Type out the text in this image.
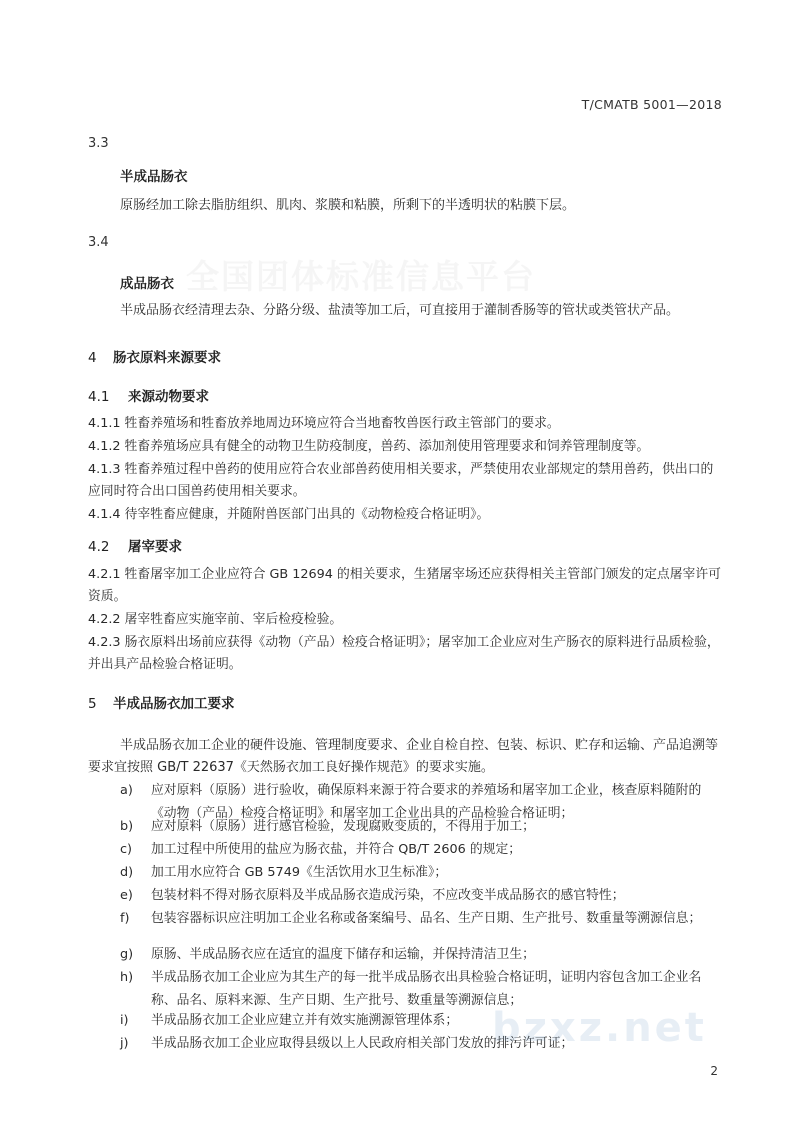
T/CMATB 5001—2018
全国团体标准信息平台
3.3
半成品肠衣
原肠经加工除去脂肪组织、肌肉、浆膜和粘膜，所剩下的半透明状的粘膜下层。
3.4
成品肠衣
半成品肠衣经清理去杂、分路分级、盐渍等加工后，可直接用于灌制香肠等的管状或类管状产品。
4 肠衣原料来源要求
4.1 来源动物要求
4.1.1 牲畜养殖场和牲畜放养地周边环境应符合当地畜牧兽医行政主管部门的要求。
4.1.2 牲畜养殖场应具有健全的动物卫生防疫制度，兽药、添加剂使用管理要求和饲养管理制度等。
4.1.3 牲畜养殖过程中兽药的使用应符合农业部兽药使用相关要求，严禁使用农业部规定的禁用兽药，供出口的应同时符合出口国兽药使用相关要求。
4.1.4 待宰牲畜应健康，并随附兽医部门出具的《动物检疫合格证明》。
4.2 屠宰要求
4.2.1 牲畜屠宰加工企业应符合 GB 12694 的相关要求，生猪屠宰场还应获得相关主管部门颁发的定点屠宰许可资质。
4.2.2 屠宰牲畜应实施宰前、宰后检疫检验。
4.2.3 肠衣原料出场前应获得《动物（产品）检疫合格证明》；屠宰加工企业应对生产肠衣的原料进行品质检验，并出具产品检验合格证明。
5 半成品肠衣加工要求
半成品肠衣加工企业的硬件设施、管理制度要求、企业自检自控、包装、标识、贮存和运输、产品追溯等要求宜按照 GB/T 22637《天然肠衣加工良好操作规范》的要求实施。
a)	应对原料（原肠）进行验收，确保原料来源于符合要求的养殖场和屠宰加工企业，核查原料随附的《动物（产品）检疫合格证明》和屠宰加工企业出具的产品检验合格证明；
b)	应对原料（原肠）进行感官检验，发现腐败变质的，不得用于加工；
c)	加工过程中所使用的盐应为肠衣盐，并符合 QB/T 2606 的规定；
d)	加工用水应符合 GB 5749《生活饮用水卫生标准》；
e)	包装材料不得对肠衣原料及半成品肠衣造成污染，不应改变半成品肠衣的感官特性；
f)	包装容器标识应注明加工企业名称或备案编号、品名、生产日期、生产批号、数重量等溯源信息；
g)	原肠、半成品肠衣应在适宜的温度下储存和运输，并保持清洁卫生；
h)	半成品肠衣加工企业应为其生产的每一批半成品肠衣出具检验合格证明，证明内容包含加工企业名称、品名、原料来源、生产日期、生产批号、数重量等溯源信息；
i)	半成品肠衣加工企业应建立并有效实施溯源管理体系；
j)	半成品肠衣加工企业应取得县级以上人民政府相关部门发放的排污许可证；
bzxz.net
2
